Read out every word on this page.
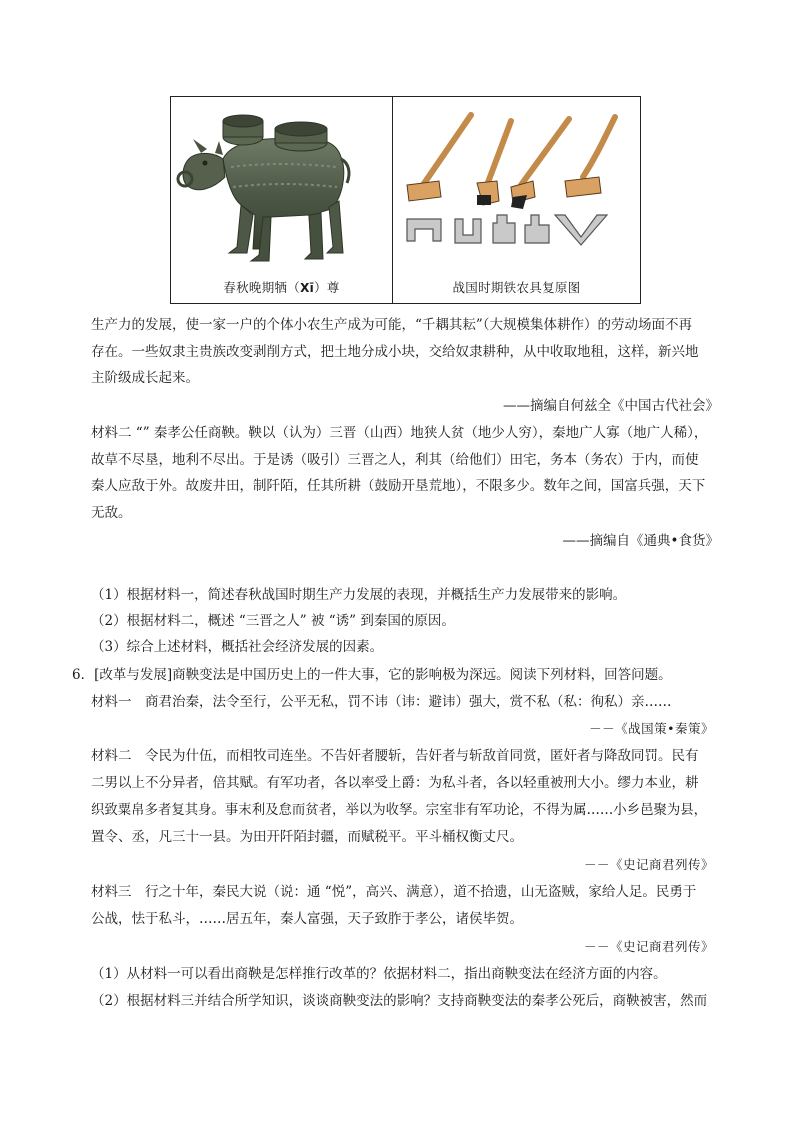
春秋晚期牺（Xī）尊	战国时期铁农具复原图
生产力的发展，使一家一户的个体小农生产成为可能，“千耦其耘”（大规模集体耕作）的劳动场面不再
存在。一些奴隶主贵族改变剥削方式，把土地分成小块，交给奴隶耕种，从中收取地租，这样，新兴地
主阶级成长起来。
——摘编自何兹全《中国古代社会》
材料二 “” 秦孝公任商鞅。鞅以（认为）三晋（山西）地狭人贫（地少人穷），秦地广人寡（地广人稀），
故草不尽垦，地利不尽出。于是诱（吸引）三晋之人，利其（给他们）田宅，务本（务农）于内，而使
秦人应敌于外。故废井田，制阡陌，任其所耕（鼓励开垦荒地），不限多少。数年之间，国富兵强，天下
无敌。
——摘编自《通典•食货》
（1）根据材料一，简述春秋战国时期生产力发展的表现，并概括生产力发展带来的影响。
（2）根据材料二，概述 “三晋之人” 被 “诱” 到秦国的原因。
（3）综合上述材料，概括社会经济发展的因素。
6．[改革与发展]商鞅变法是中国历史上的一件大事，它的影响极为深远。阅读下列材料，回答问题。
材料一　商君治秦，法令至行，公平无私，罚不讳（讳：避讳）强大，赏不私（私：徇私）亲……
－－《战国策•秦策》
材料二　令民为什伍，而相牧司连坐。不告奸者腰斩，告奸者与斩敌首同赏，匿奸者与降敌同罚。民有
二男以上不分异者，倍其赋。有军功者，各以率受上爵：为私斗者，各以轻重被刑大小。缪力本业，耕
织致粟帛多者复其身。事末利及怠而贫者，举以为收孥。宗室非有军功论，不得为属……小乡邑聚为县，
置令、丞，凡三十一县。为田开阡陌封疆，而赋税平。平斗桶权衡丈尺。
－－《史记商君列传》
材料三　行之十年，秦民大说（说：通 “悦”，高兴、满意），道不拾遗，山无盗贼，家给人足。民勇于
公战，怯于私斗，……居五年，秦人富强，天子致胙于孝公，诸侯毕贺。
－－《史记商君列传》
（1）从材料一可以看出商鞅是怎样推行改革的？依据材料二，指出商鞅变法在经济方面的内容。
（2）根据材料三并结合所学知识，谈谈商鞅变法的影响？支持商鞅变法的秦孝公死后，商鞅被害，然而
